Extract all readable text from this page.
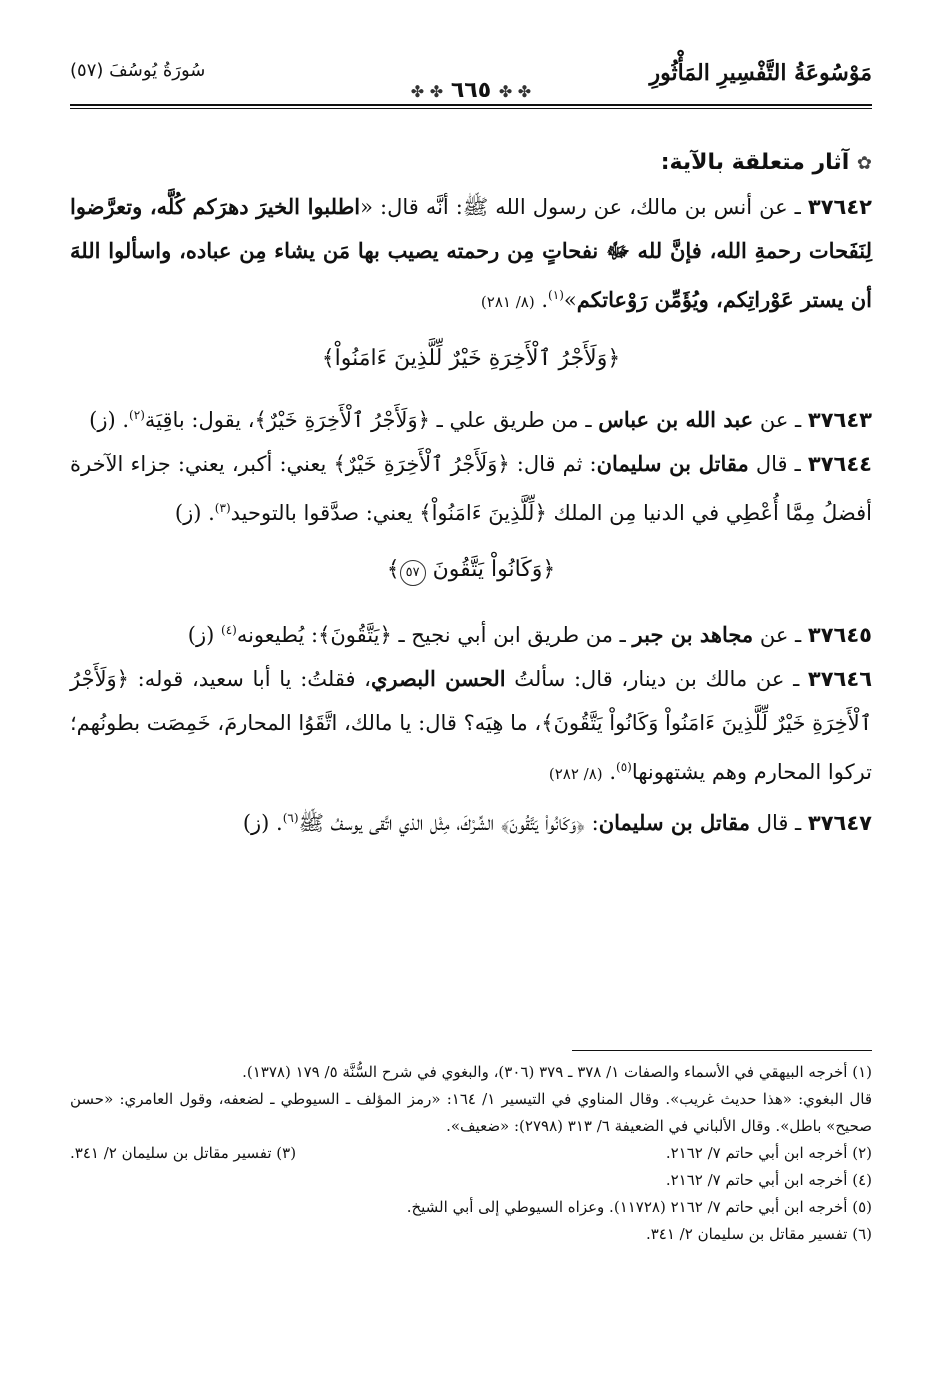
مَوْسُوعَةُ التَّفْسِيرِ المَأْثُورِ
✤ ✤ ٦٦٥ ✤ ✤
سُورَةُ يُوسُفَ (٥٧)
✿ آثار متعلقة بالآية:

٣٧٦٤٢ ـ عن أنس بن مالك، عن رسول الله ﷺ: أنَّه قال: «اطلبوا الخيرَ دهرَكم كُلَّه، وتعرَّضوا لِنَفَحات رحمةِ الله، فإنَّ لله ﷻ نفحاتٍ مِن رحمته يصيب بها مَن يشاء مِن عباده، واسألوا اللهَ أن يستر عَوْراتِكم، ويُؤَمِّن رَوْعاتكم»$^{(١)}$. (٨/ ٢٨١)

﴿وَلَأَجْرُ ٱلْأَخِرَةِ خَيْرٌ لِّلَّذِينَ ءَامَنُواْ﴾

٣٧٦٤٣ ـ عن عبد الله بن عباس ـ من طريق علي ـ ﴿وَلَأَجْرُ ٱلْأَخِرَةِ خَيْرٌ﴾، يقول: باقِيَة$^{(٢)}$. (ز)

٣٧٦٤٤ ـ قال مقاتل بن سليمان: ثم قال: ﴿وَلَأَجْرُ ٱلْأَخِرَةِ خَيْرٌ﴾ يعني: أكبر، يعني: جزاء الآخرة أفضلُ مِمَّا أُعْطِي في الدنيا مِن الملك ﴿لِّلَّذِينَ ءَامَنُواْ﴾ يعني: صدَّقوا بالتوحيد$^{(٣)}$. (ز)

﴿وَكَانُواْ يَتَّقُونَ ٥٧﴾

٣٧٦٤٥ ـ عن مجاهد بن جبر ـ من طريق ابن أبي نجيح ـ ﴿يَتَّقُونَ﴾: يُطيعونه$^{(٤)}$ (ز)

٣٧٦٤٦ ـ عن مالك بن دينار، قال: سألتُ الحسن البصري، فقلتُ: يا أبا سعيد، قوله: ﴿وَلَأَجْرُ ٱلْأَخِرَةِ خَيْرٌ لِّلَّذِينَ ءَامَنُواْ وَكَانُواْ يَتَّقُونَ﴾، ما هِيَه؟ قال: يا مالك، اتَّقَوُا المحارمَ، خَمِصَت بطونُهم؛ تركوا المحارم وهم يشتهونها$^{(٥)}$. (٨/ ٢٨٢)

٣٧٦٤٧ ـ قال مقاتل بن سليمان: ﴿وَكَانُواْ يَتَّقُونَ﴾ الشِّرْكَ، مِثْل الذي اتَّقى يوسفُ ﷺ$^{(٦)}$. (ز)

(١) أخرجه البيهقي في الأسماء والصفات ١/ ٣٧٨ ـ ٣٧٩ (٣٠٦)، والبغوي في شرح السُّنَّة ٥/ ١٧٩ (١٣٧٨).

قال البغوي: «هذا حديث غريب». وقال المناوي في التيسير ١/ ١٦٤: «رمز المؤلف ـ السيوطي ـ لضعفه، وقول العامري: «حسن صحيح» باطل». وقال الألباني في الضعيفة ٦/ ٣١٣ (٢٧٩٨): «ضعيف».

(٢) أخرجه ابن أبي حاتم ٧/ ٢١٦٢.

(٣) تفسير مقاتل بن سليمان ٢/ ٣٤١.

(٤) أخرجه ابن أبي حاتم ٧/ ٢١٦٢.

(٥) أخرجه ابن أبي حاتم ٧/ ٢١٦٢ (١١٧٢٨). وعزاه السيوطي إلى أبي الشيخ.

(٦) تفسير مقاتل بن سليمان ٢/ ٣٤١.
